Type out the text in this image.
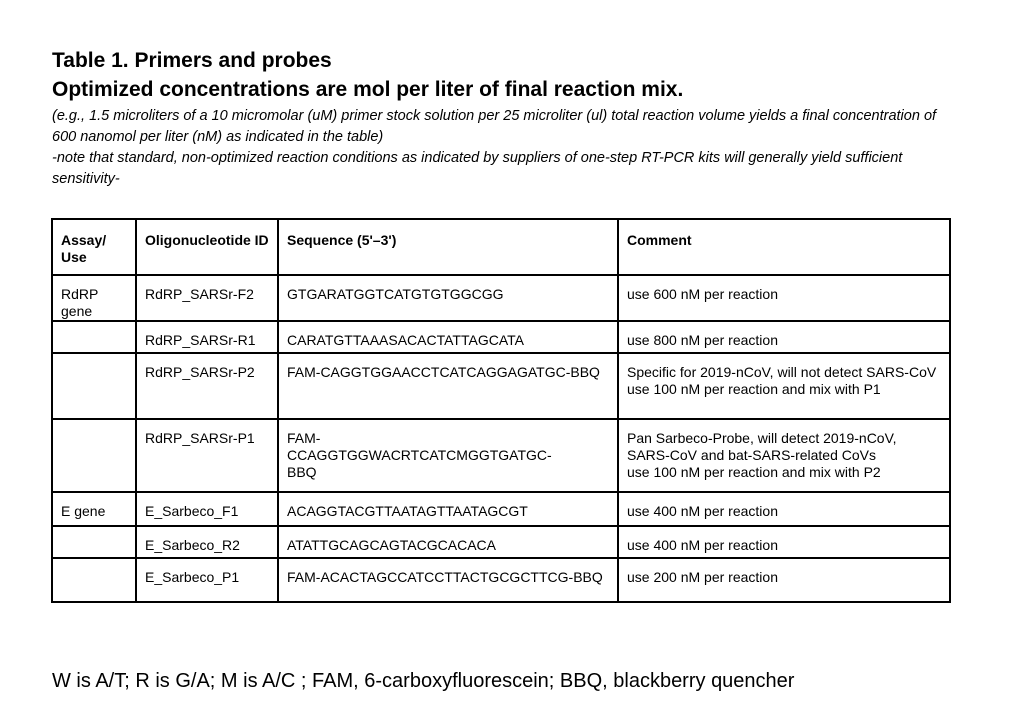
Table 1. Primers and probes
Optimized concentrations are mol per liter of final reaction mix.

(e.g., 1.5 microliters of a 10 micromolar (uM) primer stock solution per 25 microliter (ul) total reaction volume yields a final concentration of 600 nanomol per liter (nM) as indicated in the table)

-note that standard, non-optimized reaction conditions as indicated by suppliers of one-step RT-PCR kits will generally yield sufficient sensitivity-

Assay/ Use	Oligonucleotide ID	Sequence (5'–3')	Comment
RdRP gene	RdRP_SARSr-F2	GTGARATGGTCATGTGTGGCGG	use 600 nM per reaction
	RdRP_SARSr-R1	CARATGTTAAASACACTATTAGCATA	use 800 nM per reaction
	RdRP_SARSr-P2	FAM-CAGGTGGAACCTCATCAGGAGATGC-BBQ	Specific for 2019-nCoV, will not detect SARS-CoV
use 100 nM per reaction and mix with P1
	RdRP_SARSr-P1	FAM-
CCAGGTGGWACRTCATCMGGTGATGC-
BBQ	Pan Sarbeco-Probe, will detect 2019-nCoV,
SARS-CoV and bat-SARS-related CoVs
use 100 nM per reaction and mix with P2
E gene	E_Sarbeco_F1	ACAGGTACGTTAATAGTTAATAGCGT	use 400 nM per reaction
	E_Sarbeco_R2	ATATTGCAGCAGTACGCACACA	use 400 nM per reaction
	E_Sarbeco_P1	FAM-ACACTAGCCATCCTTACTGCGCTTCG-BBQ	use 200 nM per reaction
W is A/T; R is G/A; M is A/C ; FAM, 6-carboxyfluorescein; BBQ, blackberry quencher
